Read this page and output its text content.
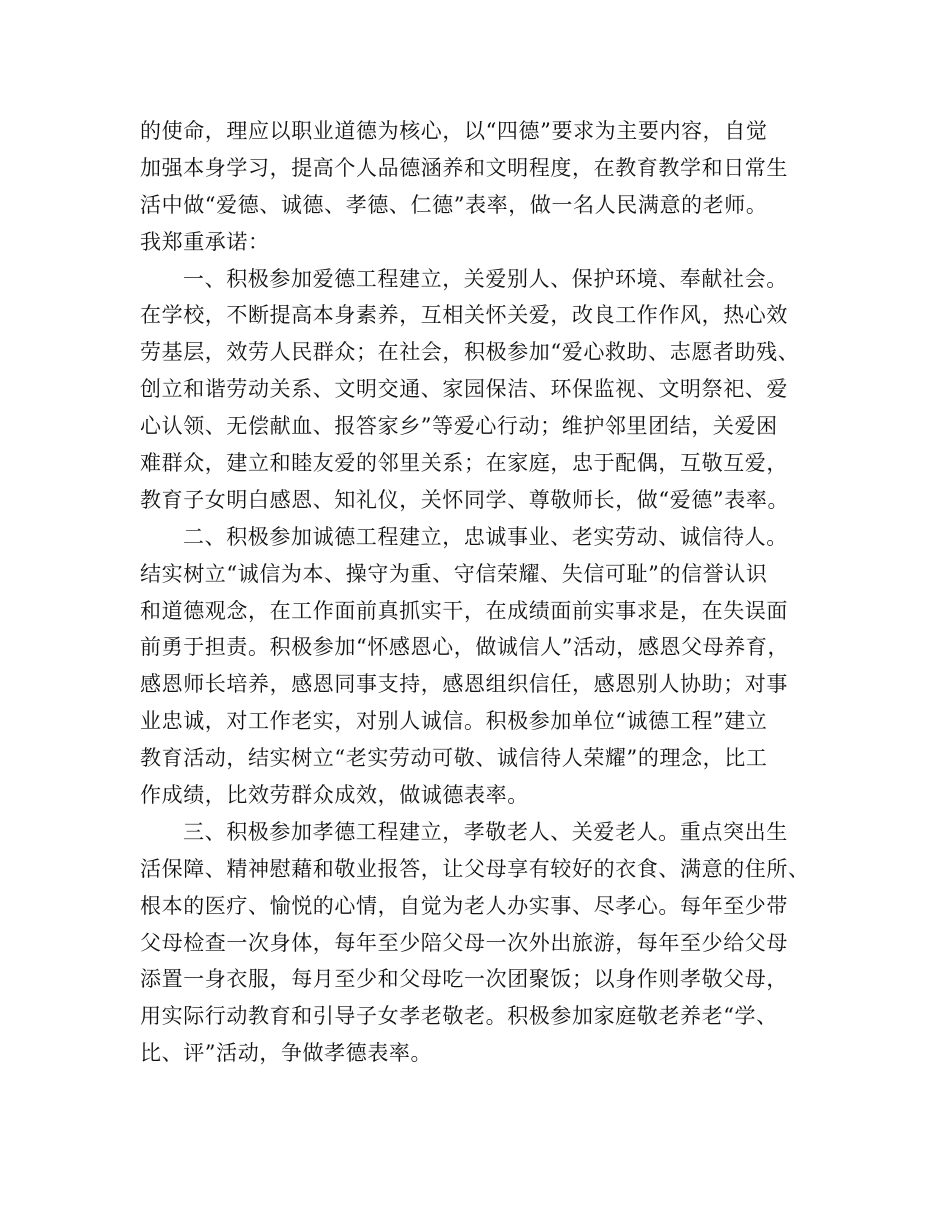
的使命，理应以职业道德为核心，以“四德”要求为主要内容，自觉
加强本身学习，提高个人品德涵养和文明程度，在教育教学和日常生
活中做“爱德、诚德、孝德、仁德”表率，做一名人民满意的老师。
我郑重承诺：
一、积极参加爱德工程建立，关爱别人、保护环境、奉献社会。
在学校，不断提高本身素养，互相关怀关爱，改良工作作风，热心效
劳基层，效劳人民群众；在社会，积极参加“爱心救助、志愿者助残、
创立和谐劳动关系、文明交通、家园保洁、环保监视、文明祭祀、爱
心认领、无偿献血、报答家乡”等爱心行动；维护邻里团结，关爱困
难群众，建立和睦友爱的邻里关系；在家庭，忠于配偶，互敬互爱，
教育子女明白感恩、知礼仪，关怀同学、尊敬师长，做“爱德”表率。
二、积极参加诚德工程建立，忠诚事业、老实劳动、诚信待人。
结实树立“诚信为本、操守为重、守信荣耀、失信可耻”的信誉认识
和道德观念，在工作面前真抓实干，在成绩面前实事求是，在失误面
前勇于担责。积极参加“怀感恩心，做诚信人”活动，感恩父母养育，
感恩师长培养，感恩同事支持，感恩组织信任，感恩别人协助；对事
业忠诚，对工作老实，对别人诚信。积极参加单位“诚德工程”建立
教育活动，结实树立“老实劳动可敬、诚信待人荣耀”的理念，比工
作成绩，比效劳群众成效，做诚德表率。
三、积极参加孝德工程建立，孝敬老人、关爱老人。重点突出生
活保障、精神慰藉和敬业报答，让父母享有较好的衣食、满意的住所、
根本的医疗、愉悦的心情，自觉为老人办实事、尽孝心。每年至少带
父母检查一次身体，每年至少陪父母一次外出旅游，每年至少给父母
添置一身衣服，每月至少和父母吃一次团聚饭；以身作则孝敬父母，
用实际行动教育和引导子女孝老敬老。积极参加家庭敬老养老“学、
比、评”活动，争做孝德表率。
